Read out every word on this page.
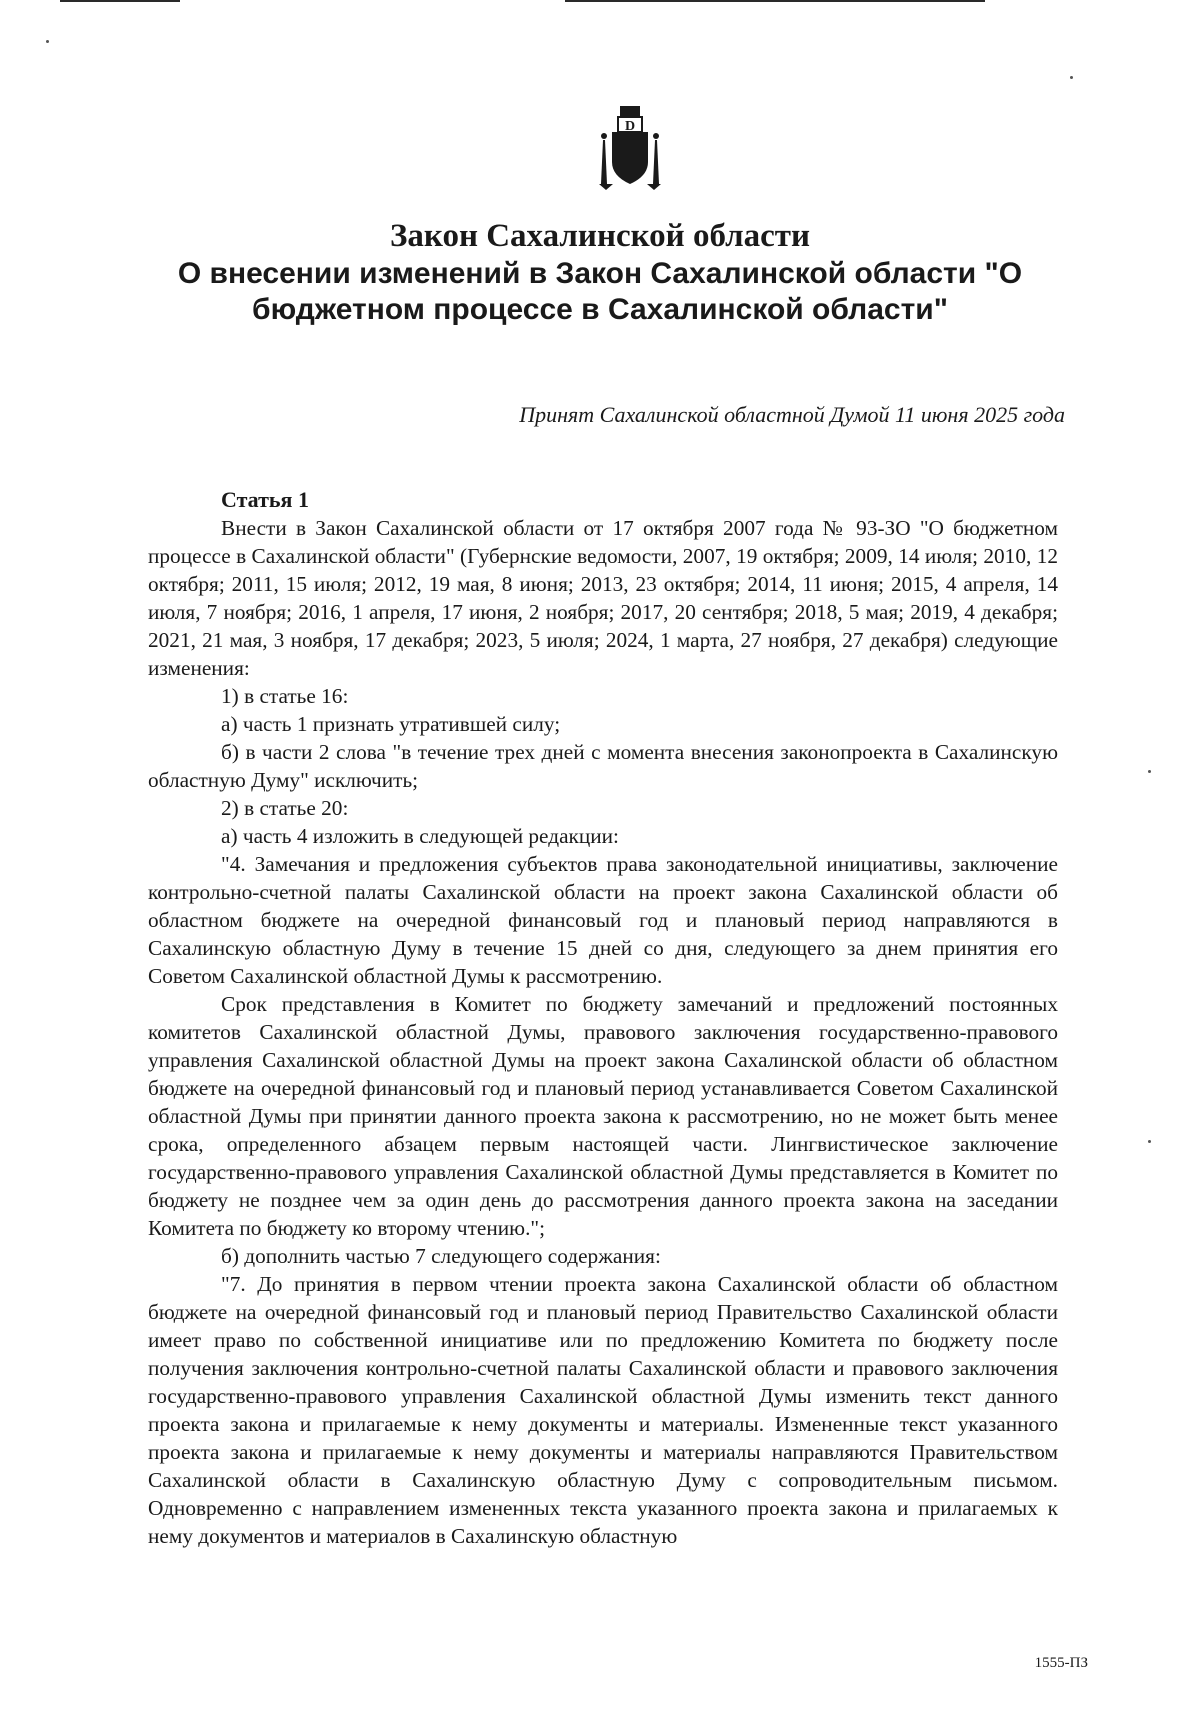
D

Закон Сахалинской области

О внесении изменений в Закон Сахалинской области "О бюджетном процессе в Сахалинской области"

Принят Сахалинской областной Думой 11 июня 2025 года

Статья 1

Внести в Закон Сахалинской области от 17 октября 2007 года № 93-ЗО "О бюджетном процессе в Сахалинской области" (Губернские ведомости, 2007, 19 октября; 2009, 14 июля; 2010, 12 октября; 2011, 15 июля; 2012, 19 мая, 8 июня; 2013, 23 октября; 2014, 11 июня; 2015, 4 апреля, 14 июля, 7 ноября; 2016, 1 апреля, 17 июня, 2 ноября; 2017, 20 сентября; 2018, 5 мая; 2019, 4 декабря; 2021, 21 мая, 3 ноября, 17 декабря; 2023, 5 июля; 2024, 1 марта, 27 ноября, 27 декабря) следующие изменения:

1) в статье 16:

а) часть 1 признать утратившей силу;

б) в части 2 слова "в течение трех дней с момента внесения законопроекта в Сахалинскую областную Думу" исключить;

2) в статье 20:

а) часть 4 изложить в следующей редакции:

"4. Замечания и предложения субъектов права законодательной инициативы, заключение контрольно-счетной палаты Сахалинской области на проект закона Сахалинской области об областном бюджете на очередной финансовый год и плановый период направляются в Сахалинскую областную Думу в течение 15 дней со дня, следующего за днем принятия его Советом Сахалинской областной Думы к рассмотрению.

Срок представления в Комитет по бюджету замечаний и предложений постоянных комитетов Сахалинской областной Думы, правового заключения государственно-правового управления Сахалинской областной Думы на проект закона Сахалинской области об областном бюджете на очередной финансовый год и плановый период устанавливается Советом Сахалинской областной Думы при принятии данного проекта закона к рассмотрению, но не может быть менее срока, определенного абзацем первым настоящей части. Лингвистическое заключение государственно-правового управления Сахалинской областной Думы представляется в Комитет по бюджету не позднее чем за один день до рассмотрения данного проекта закона на заседании Комитета по бюджету ко второму чтению.";

б) дополнить частью 7 следующего содержания:

"7. До принятия в первом чтении проекта закона Сахалинской области об областном бюджете на очередной финансовый год и плановый период Правительство Сахалинской области имеет право по собственной инициативе или по предложению Комитета по бюджету после получения заключения контрольно-счетной палаты Сахалинской области и правового заключения государственно-правового управления Сахалинской областной Думы изменить текст данного проекта закона и прилагаемые к нему документы и материалы. Измененные текст указанного проекта закона и прилагаемые к нему документы и материалы направляются Правительством Сахалинской области в Сахалинскую областную Думу с сопроводительным письмом. Одновременно с направлением измененных текста указанного проекта закона и прилагаемых к нему документов и материалов в Сахалинскую областную

1555-ПЗ
